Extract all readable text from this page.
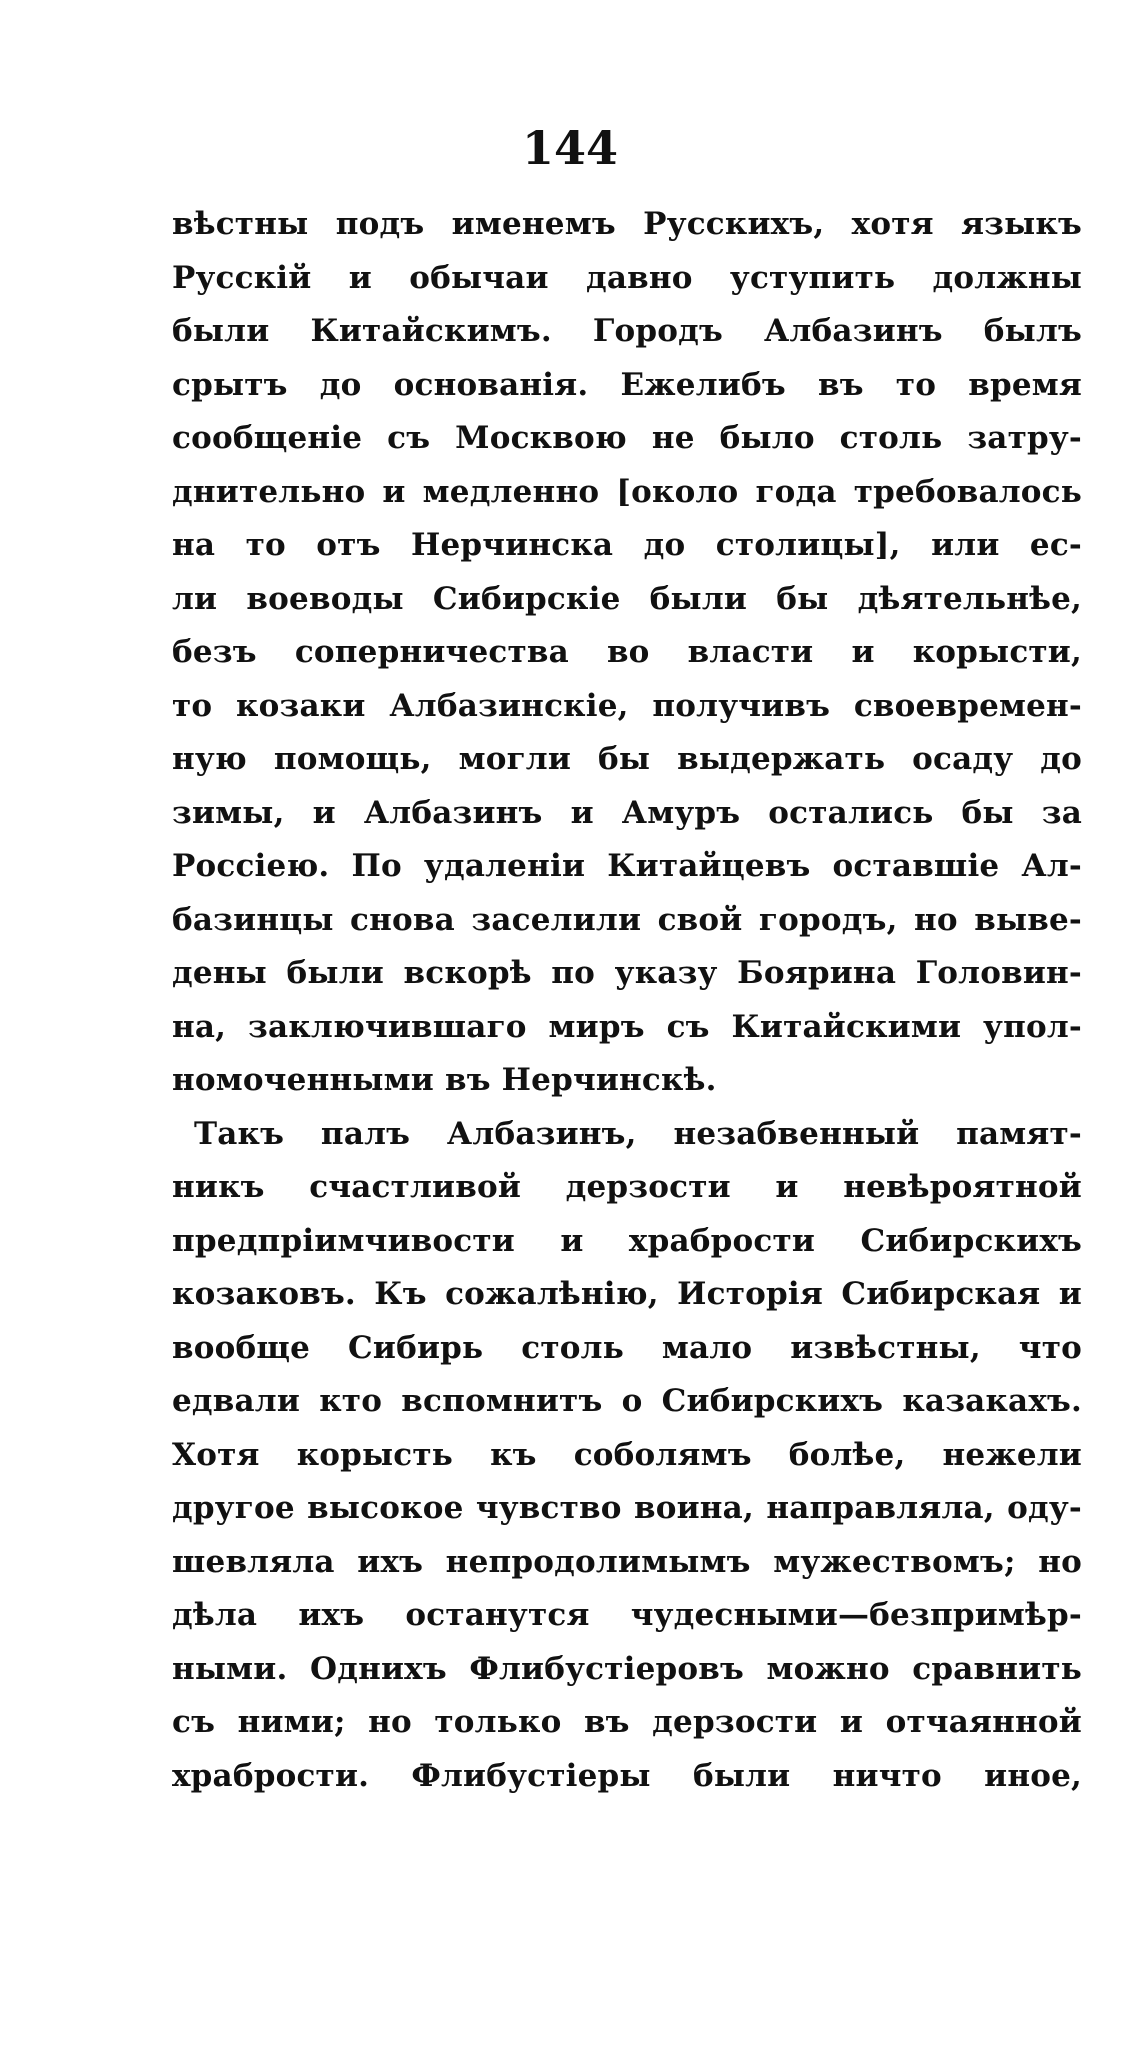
144
вѣстны подъ именемъ Русскихъ, хотя языкъ
Русскій и обычаи давно уступить должны
были Китайскимъ. Городъ Албазинъ былъ
срытъ до основанія. Ежелибъ въ то время
сообщеніе съ Москвою не было столь затру-
днительно и медленно [около года требовалось
на то отъ Нерчинска до столицы], или ес-
ли воеводы Сибирскіе были бы дѣятельнѣе,
безъ соперничества во власти и корысти,
то козаки Албазинскіе, получивъ своевремен-
ную помощь, могли бы выдержать осаду до
зимы, и Албазинъ и Амуръ остались бы за
Россіею. По удаленіи Китайцевъ оставшіе Ал-
базинцы снова заселили свой городъ, но выве-
дены были вскорѣ по указу Боярина Головин-
на, заключившаго миръ съ Китайскими упол-
номоченными въ Нерчинскѣ.
Такъ палъ Албазинъ, незабвенный памят-
никъ счастливой дерзости и невѣроятной
предпріимчивости и храбрости Сибирскихъ
козаковъ. Къ сожалѣнію, Исторія Сибирская и
вообще Сибирь столь мало извѣстны, что
едвали кто вспомнитъ о Сибирскихъ казакахъ.
Хотя корысть къ соболямъ болѣе, нежели
другое высокое чувство воина, направляла, оду-
шевляла ихъ непродолимымъ мужествомъ; но
дѣла ихъ останутся чудесными—безпримѣр-
ными. Однихъ Флибустіеровъ можно сравнить
съ ними; но только въ дерзости и отчаянной
храбрости. Флибустіеры были ничто иное,
